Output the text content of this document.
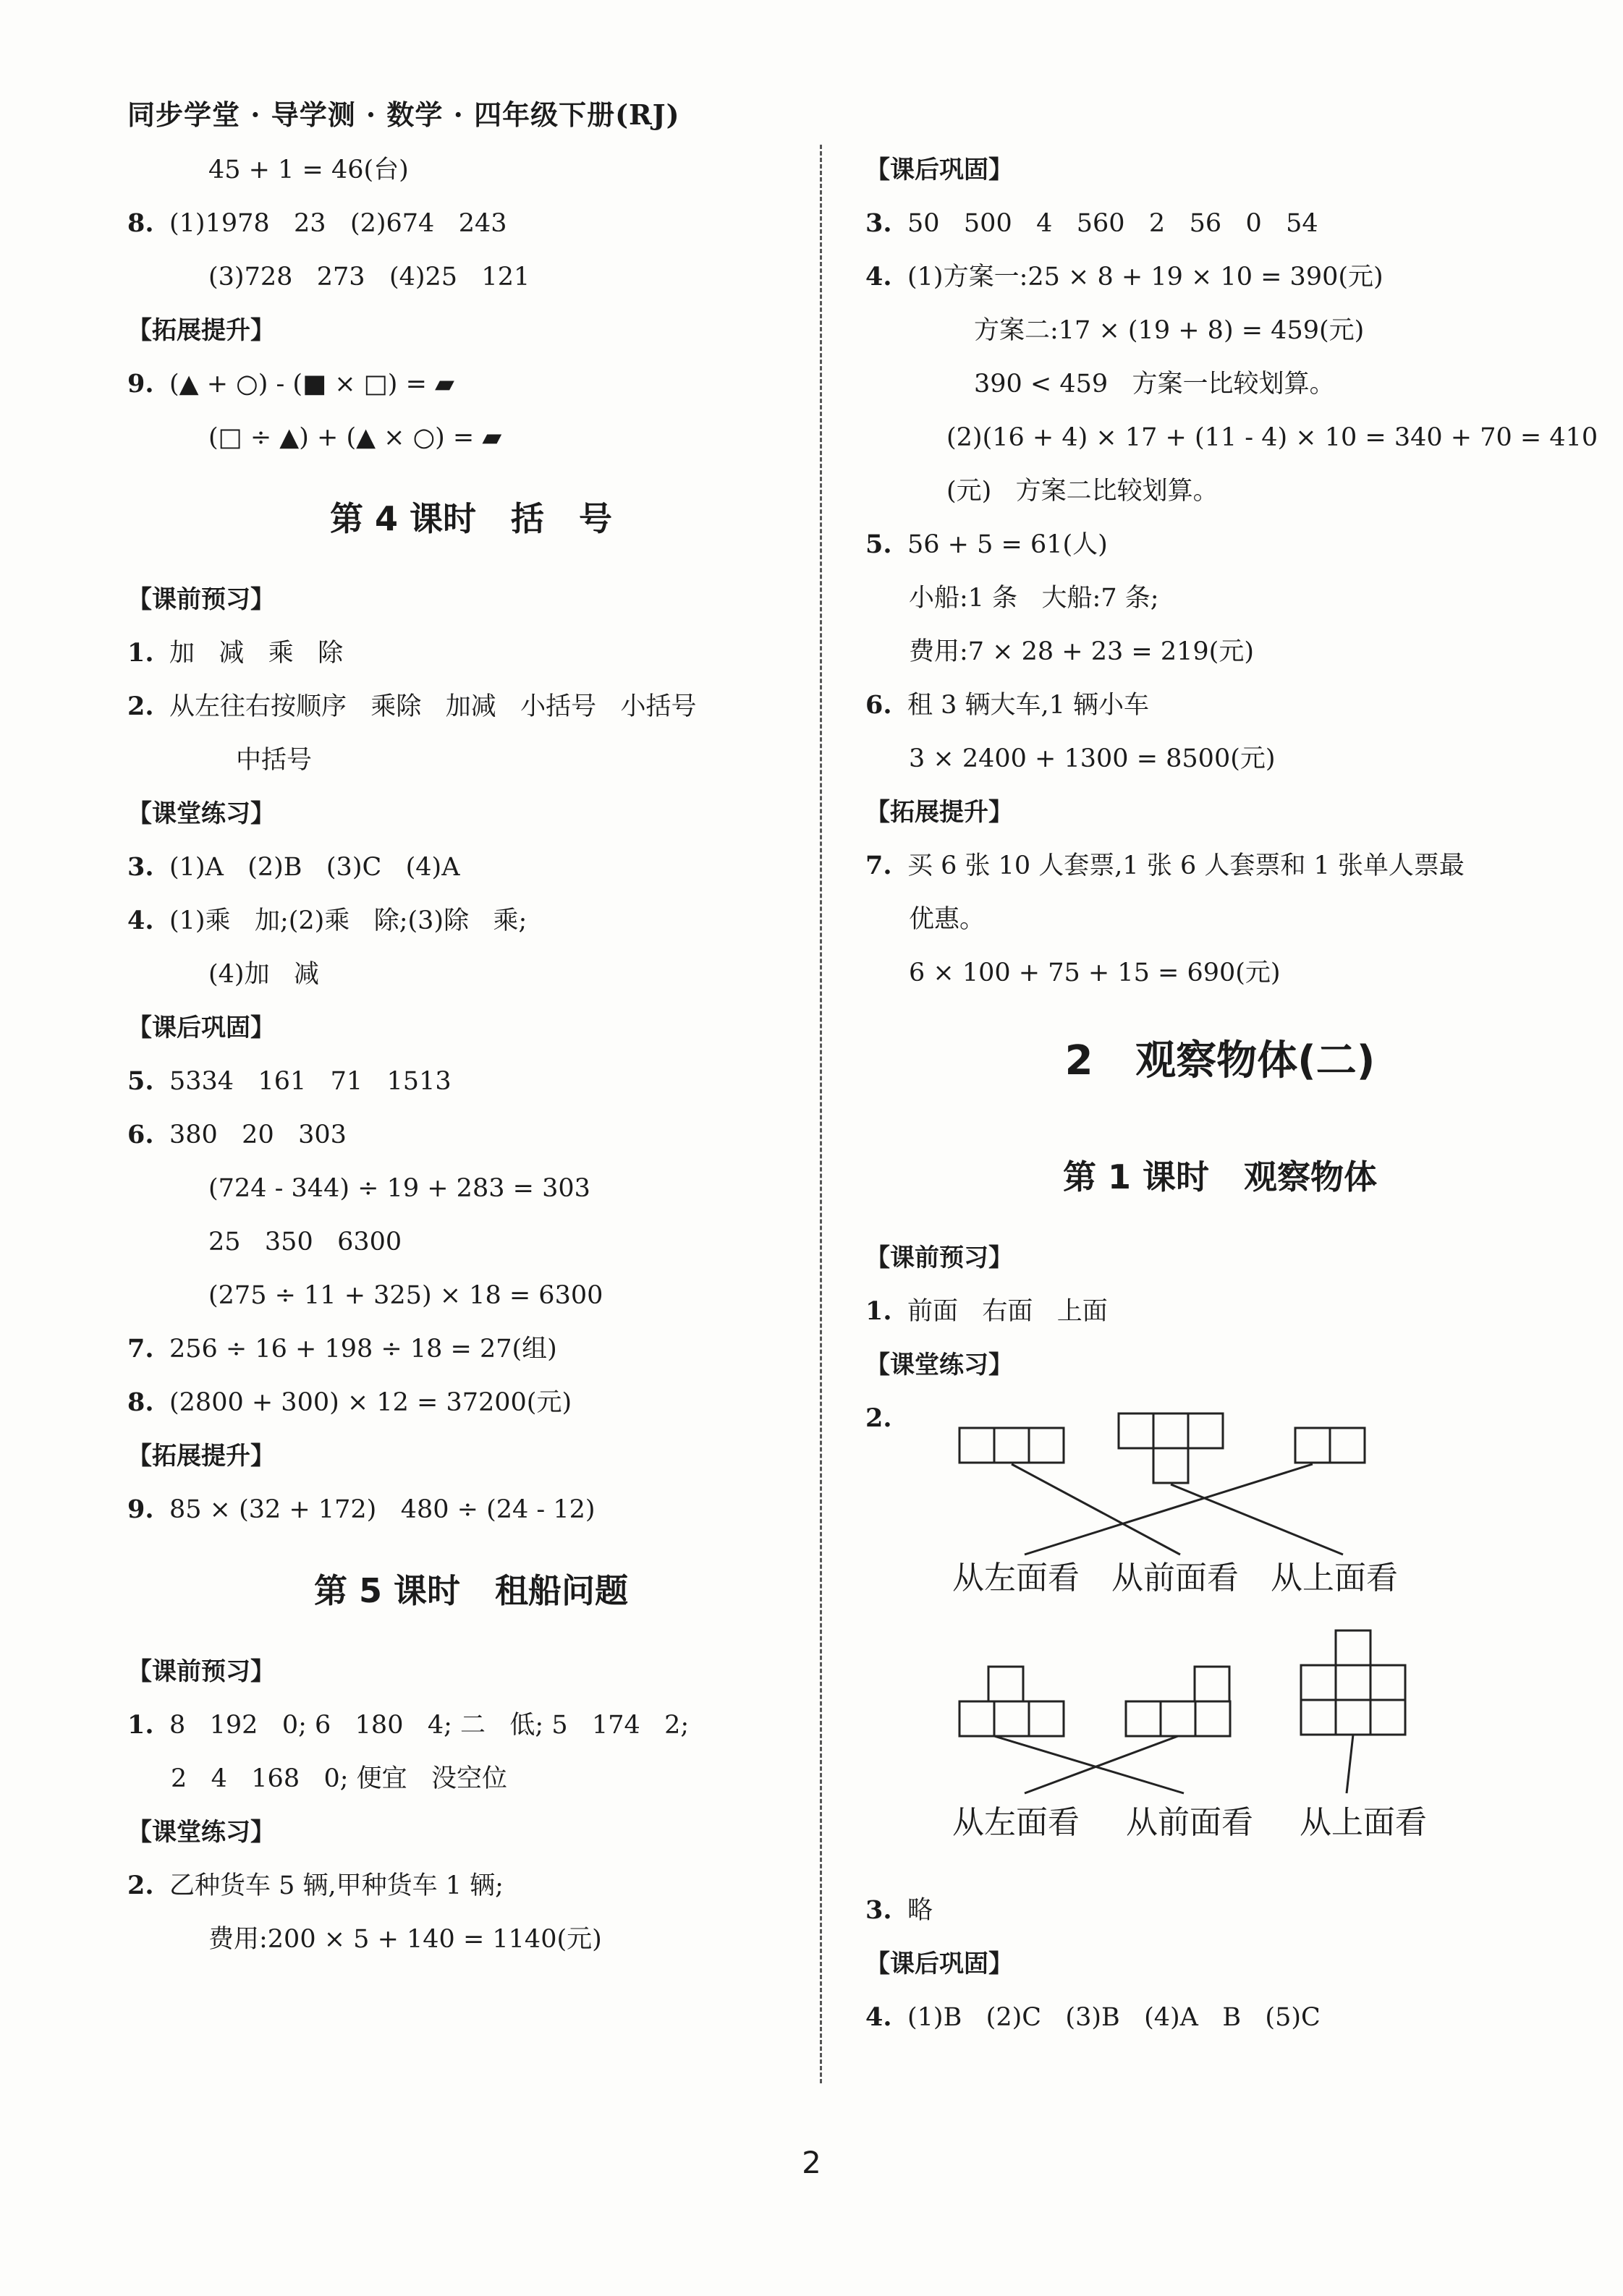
同步学堂 · 导学测 · 数学 · 四年级下册(RJ)
45 + 1 = 46(台)
8. (1)1978   23   (2)674   243
(3)728   273   (4)25   121
【拓展提升】
9. (▲ + ○) - (■ × □) = ▰
(□ ÷ ▲) + (▲ × ○) = ▰
第 4 课时   括   号
【课前预习】
1. 加   减   乘   除
2. 从左往右按顺序   乘除   加减   小括号   小括号
中括号
【课堂练习】
3. (1)A   (2)B   (3)C   (4)A
4. (1)乘   加;(2)乘   除;(3)除   乘;
(4)加   减
【课后巩固】
5. 5334   161   71   1513
6. 380   20   303
(724 - 344) ÷ 19 + 283 = 303
25   350   6300
(275 ÷ 11 + 325) × 18 = 6300
7. 256 ÷ 16 + 198 ÷ 18 = 27(组)
8. (2800 + 300) × 12 = 37200(元)
【拓展提升】
9. 85 × (32 + 172)   480 ÷ (24 - 12)
第 5 课时   租船问题
【课前预习】
1. 8   192   0; 6   180   4; 二   低; 5   174   2;
2   4   168   0; 便宜   没空位
【课堂练习】
2. 乙种货车 5 辆,甲种货车 1 辆;
费用:200 × 5 + 140 = 1140(元)
【课后巩固】
3. 50   500   4   560   2   56   0   54
4. (1)方案一:25 × 8 + 19 × 10 = 390(元)
方案二:17 × (19 + 8) = 459(元)
390 < 459   方案一比较划算。
(2)(16 + 4) × 17 + (11 - 4) × 10 = 340 + 70 = 410
(元)   方案二比较划算。
5. 56 + 5 = 61(人)
小船:1 条   大船:7 条;
费用:7 × 28 + 23 = 219(元)
6. 租 3 辆大车,1 辆小车
3 × 2400 + 1300 = 8500(元)
【拓展提升】
7. 买 6 张 10 人套票,1 张 6 人套票和 1 张单人票最
优惠。
6 × 100 + 75 + 15 = 690(元)
2   观察物体(二)
第 1 课时   观察物体
【课前预习】
1. 前面   右面   上面
【课堂练习】
2.
从左面看 从前面看 从上面看
从左面看 从前面看 从上面看
3. 略
【课后巩固】
4. (1)B   (2)C   (3)B   (4)A   B   (5)C
2
